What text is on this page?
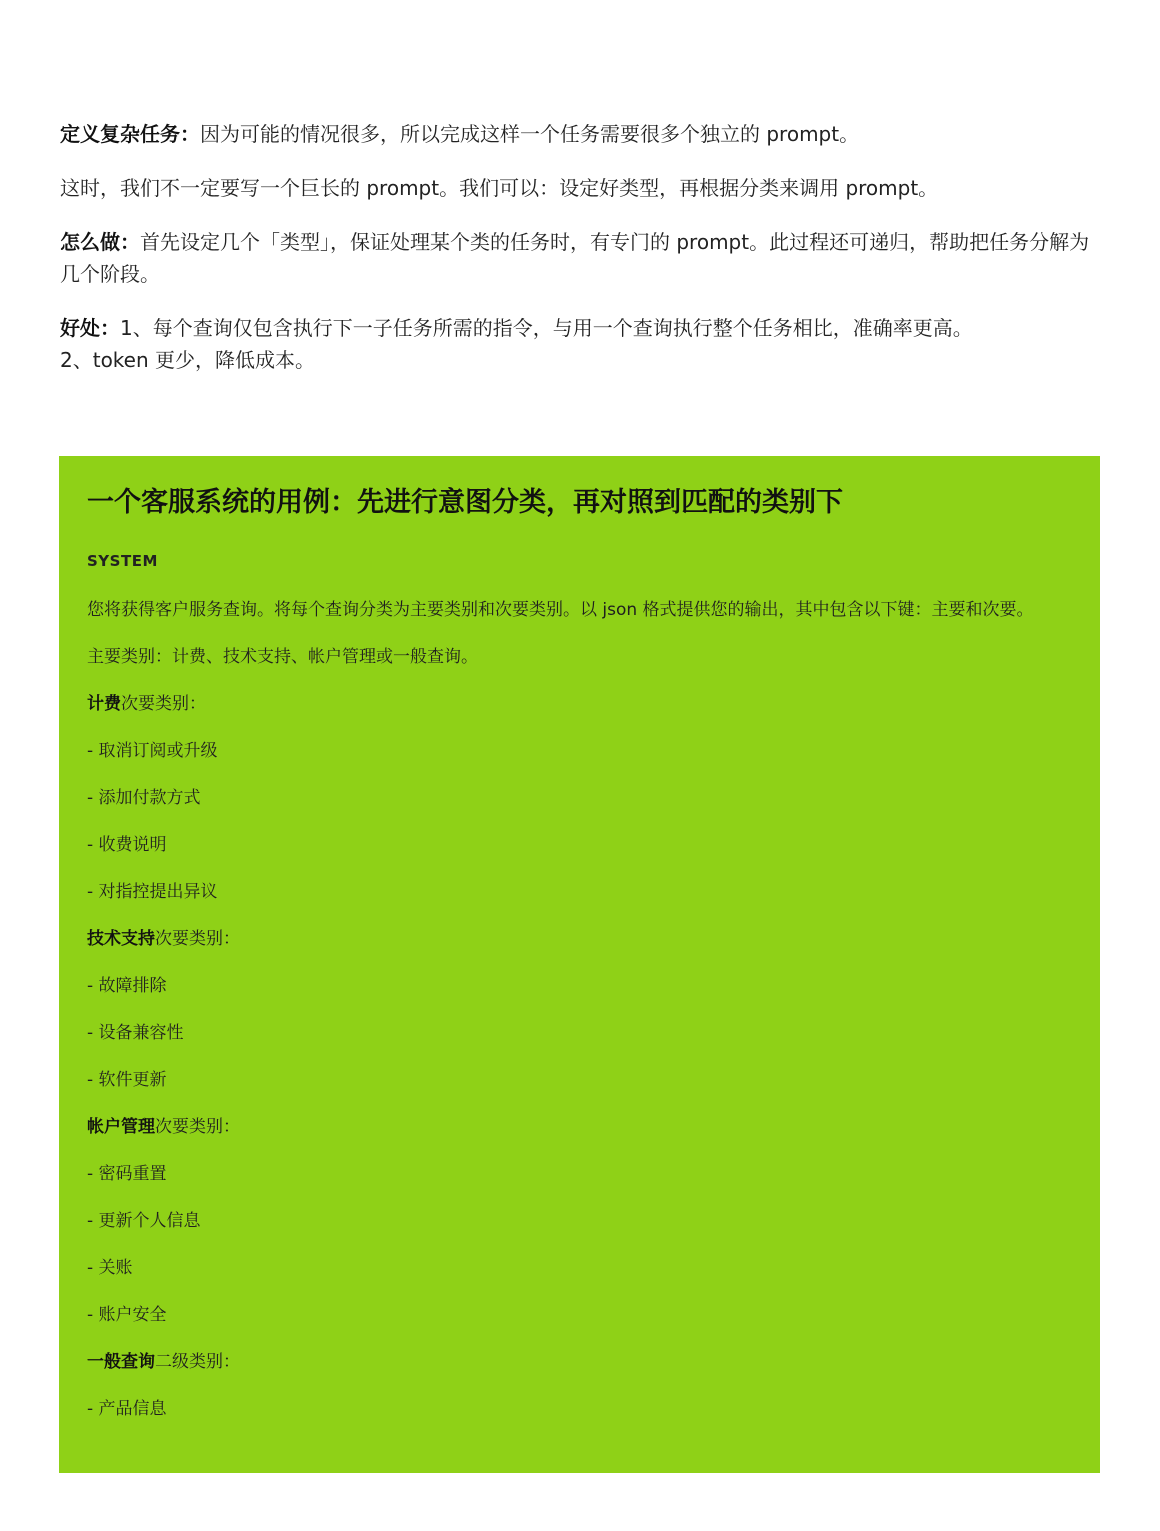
定义复杂任务：因为可能的情况很多，所以完成这样一个任务需要很多个独立的 prompt。

这时，我们不一定要写一个巨长的 prompt。我们可以：设定好类型，再根据分类来调用 prompt。

怎么做：首先设定几个「类型」，保证处理某个类的任务时，有专门的 prompt。此过程还可递归，帮助把任务分解为几个阶段。

好处：1、每个查询仅包含执行下一子任务所需的指令，与用一个查询执行整个任务相比，准确率更高。
2、token 更少，降低成本。

一个客服系统的用例：先进行意图分类，再对照到匹配的类别下
SYSTEM

您将获得客户服务查询。将每个查询分类为主要类别和次要类别。以 json 格式提供您的输出，其中包含以下键：主要和次要。

主要类别：计费、技术支持、帐户管理或一般查询。

计费次要类别：

- 取消订阅或升级

- 添加付款方式

- 收费说明

- 对指控提出异议

技术支持次要类别：

- 故障排除

- 设备兼容性

- 软件更新

帐户管理次要类别：

- 密码重置

- 更新个人信息

- 关账

- 账户安全

一般查询二级类别：

- 产品信息
